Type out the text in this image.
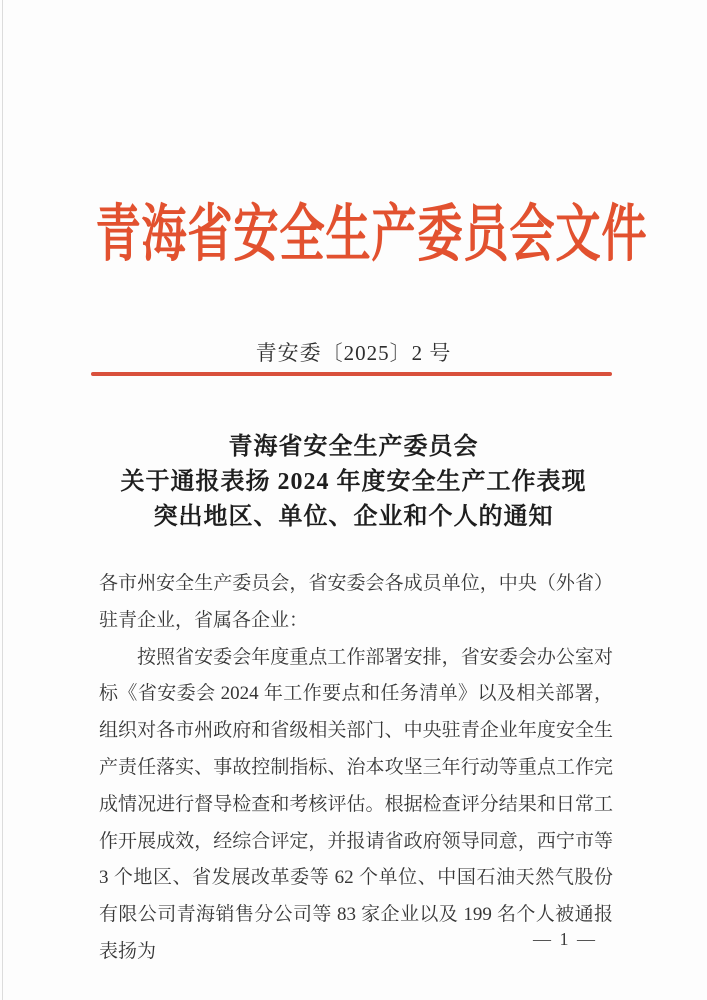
青海省安全生产委员会文件
青安委〔2025〕2 号
青海省安全生产委员会
关于通报表扬 2024 年度安全生产工作表现
突出地区、单位、企业和个人的通知

各市州安全生产委员会，省安委会各成员单位，中央（外省）驻青企业，省属各企业：

按照省安委会年度重点工作部署安排，省安委会办公室对标《省安委会 2024 年工作要点和任务清单》以及相关部署，组织对各市州政府和省级相关部门、中央驻青企业年度安全生产责任落实、事故控制指标、治本攻坚三年行动等重点工作完成情况进行督导检查和考核评估。根据检查评分结果和日常工作开展成效，经综合评定，并报请省政府领导同意，西宁市等 3 个地区、省发展改革委等 62 个单位、中国石油天然气股份有限公司青海销售分公司等 83 家企业以及 199 名个人被通报表扬为

— 1 —
